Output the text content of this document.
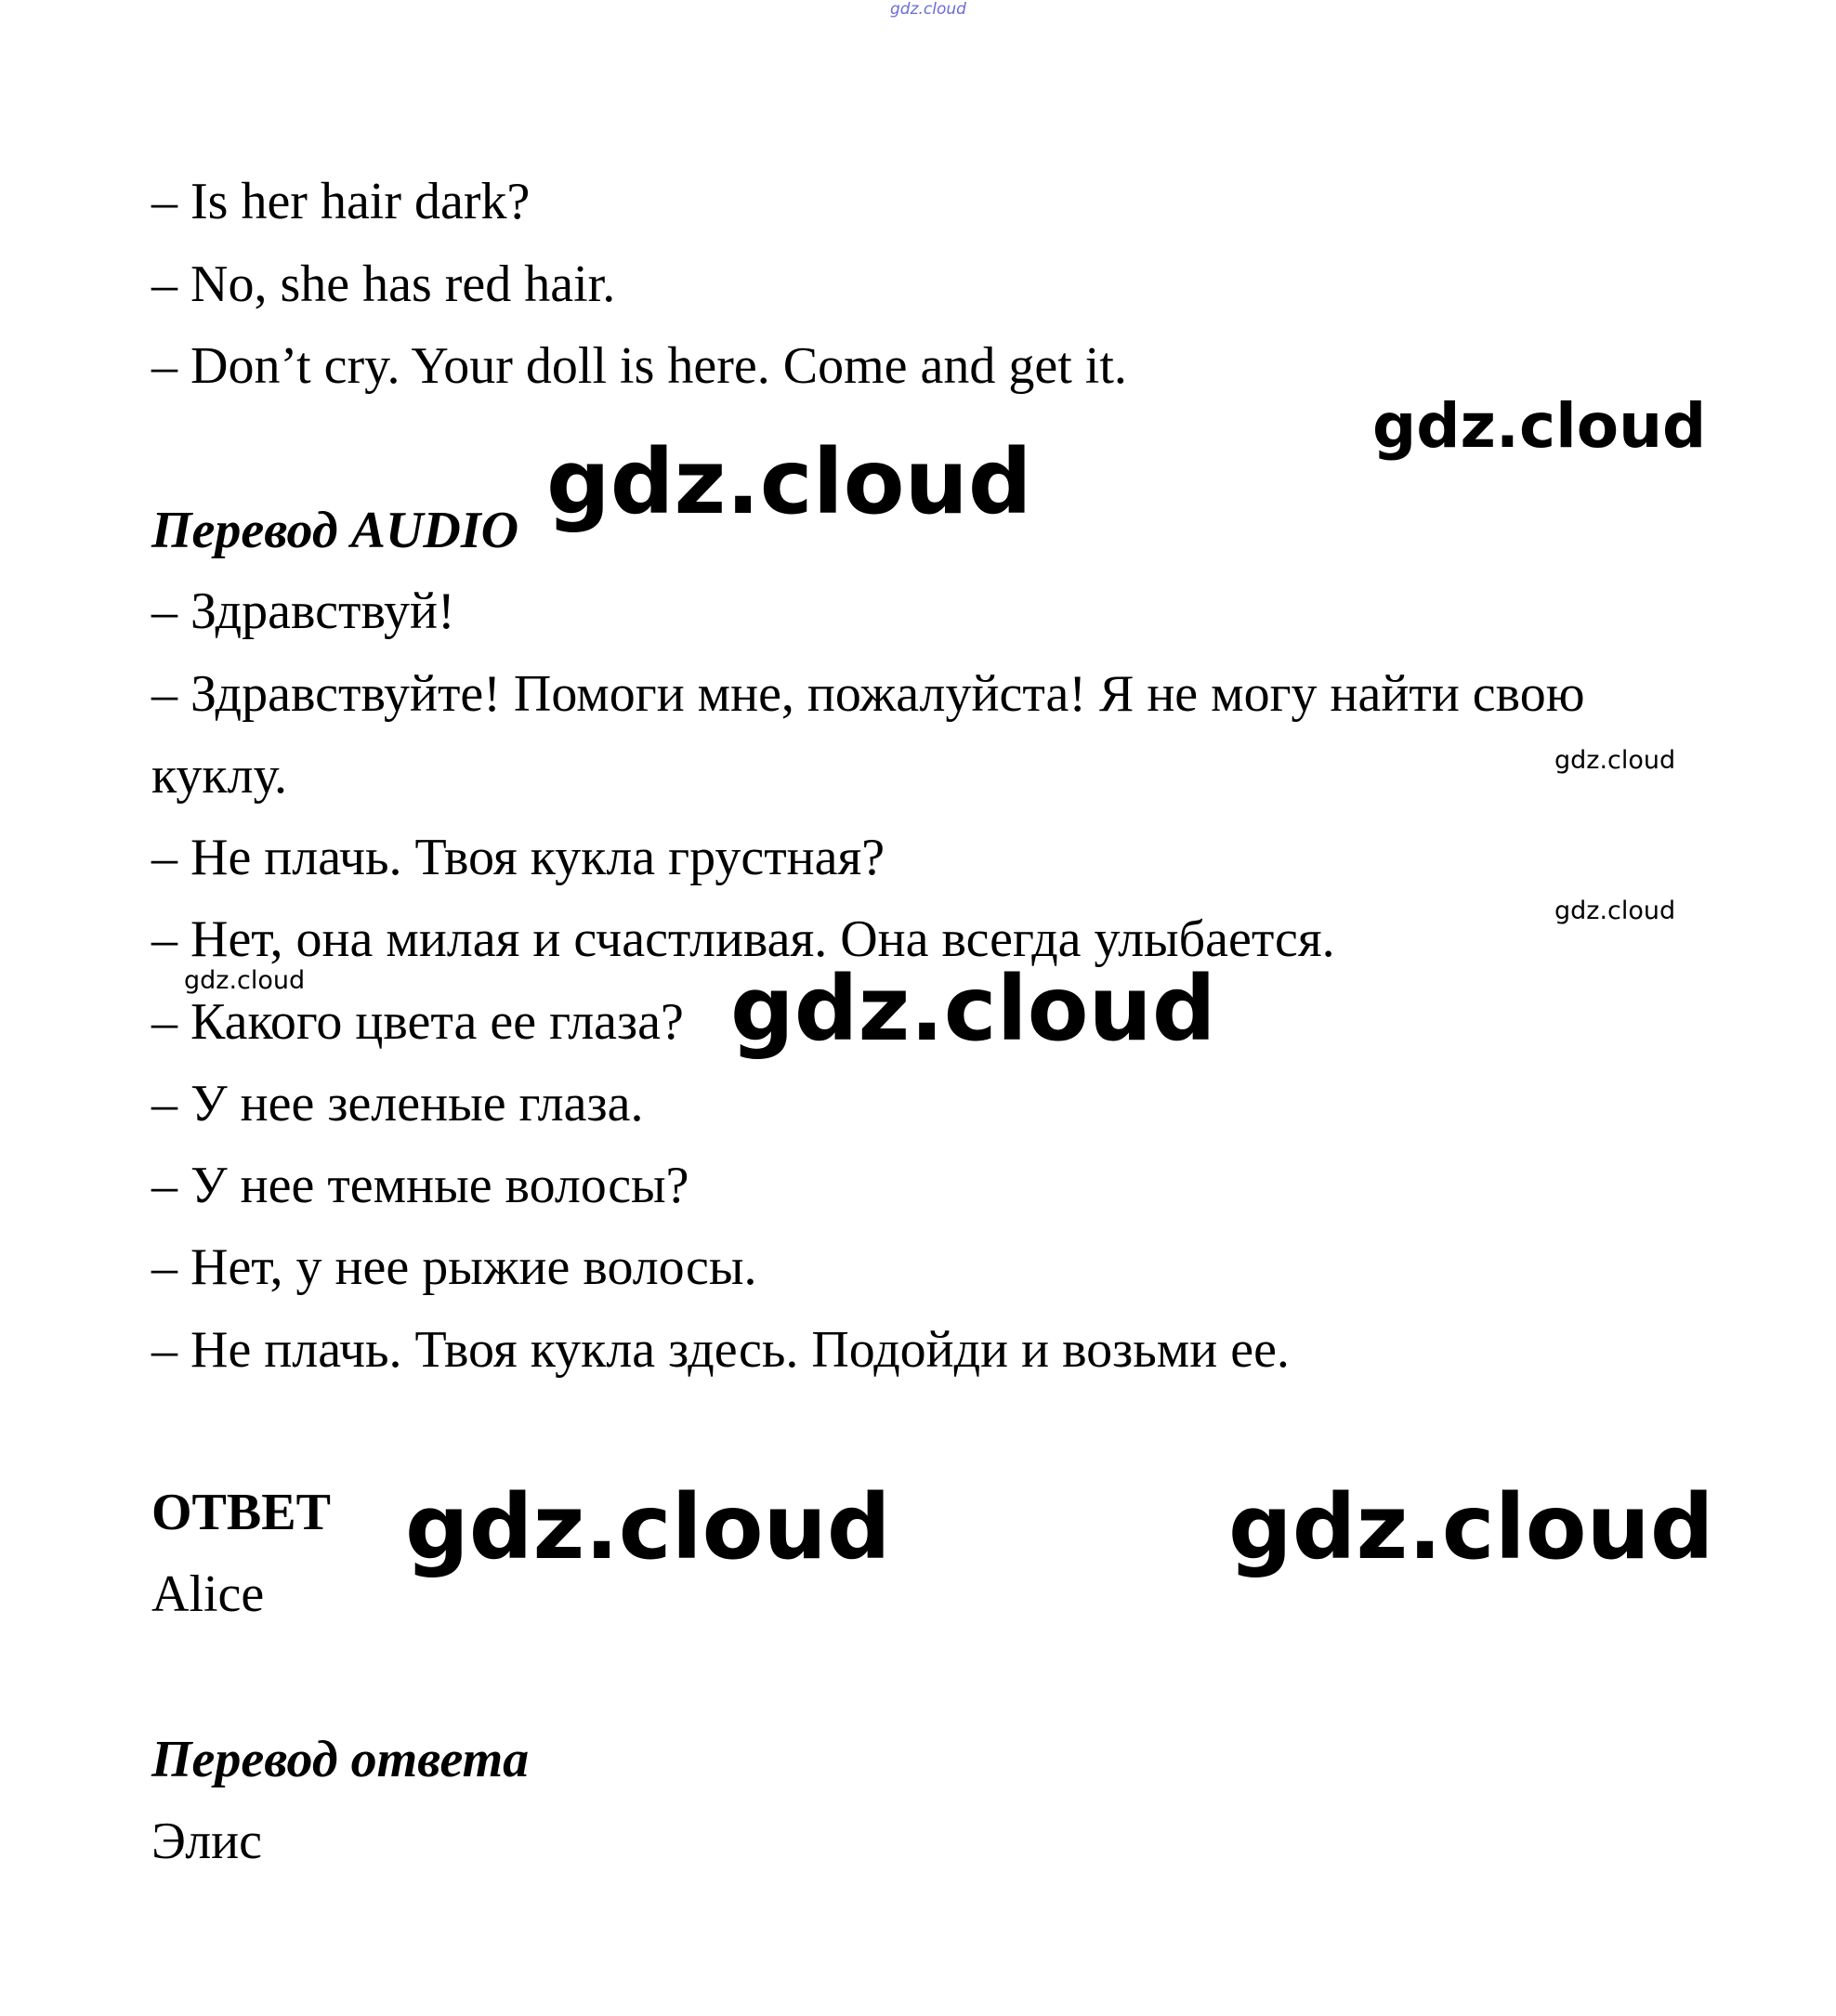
gdz.cloud
– Is her hair dark?
– No, she has red hair.
– Don’t cry. Your doll is here. Come and get it.
Перевод AUDIO
– Здравствуй!
– Здравствуйте! Помоги мне, пожалуйста! Я не могу найти свою
куклу.
– Не плачь. Твоя кукла грустная?
– Нет, она милая и счастливая. Она всегда улыбается.
– Какого цвета ее глаза?
– У нее зеленые глаза.
– У нее темные волосы?
– Нет, у нее рыжие волосы.
– Не плачь. Твоя кукла здесь. Подойди и возьми ее.
ОТВЕТ
Alice
Перевод ответа
Элис
gdz.cloud
gdz.cloud
gdz.cloud
gdz.cloud
gdz.cloud	gdz.cloud
gdz.cloud	gdz.cloud
